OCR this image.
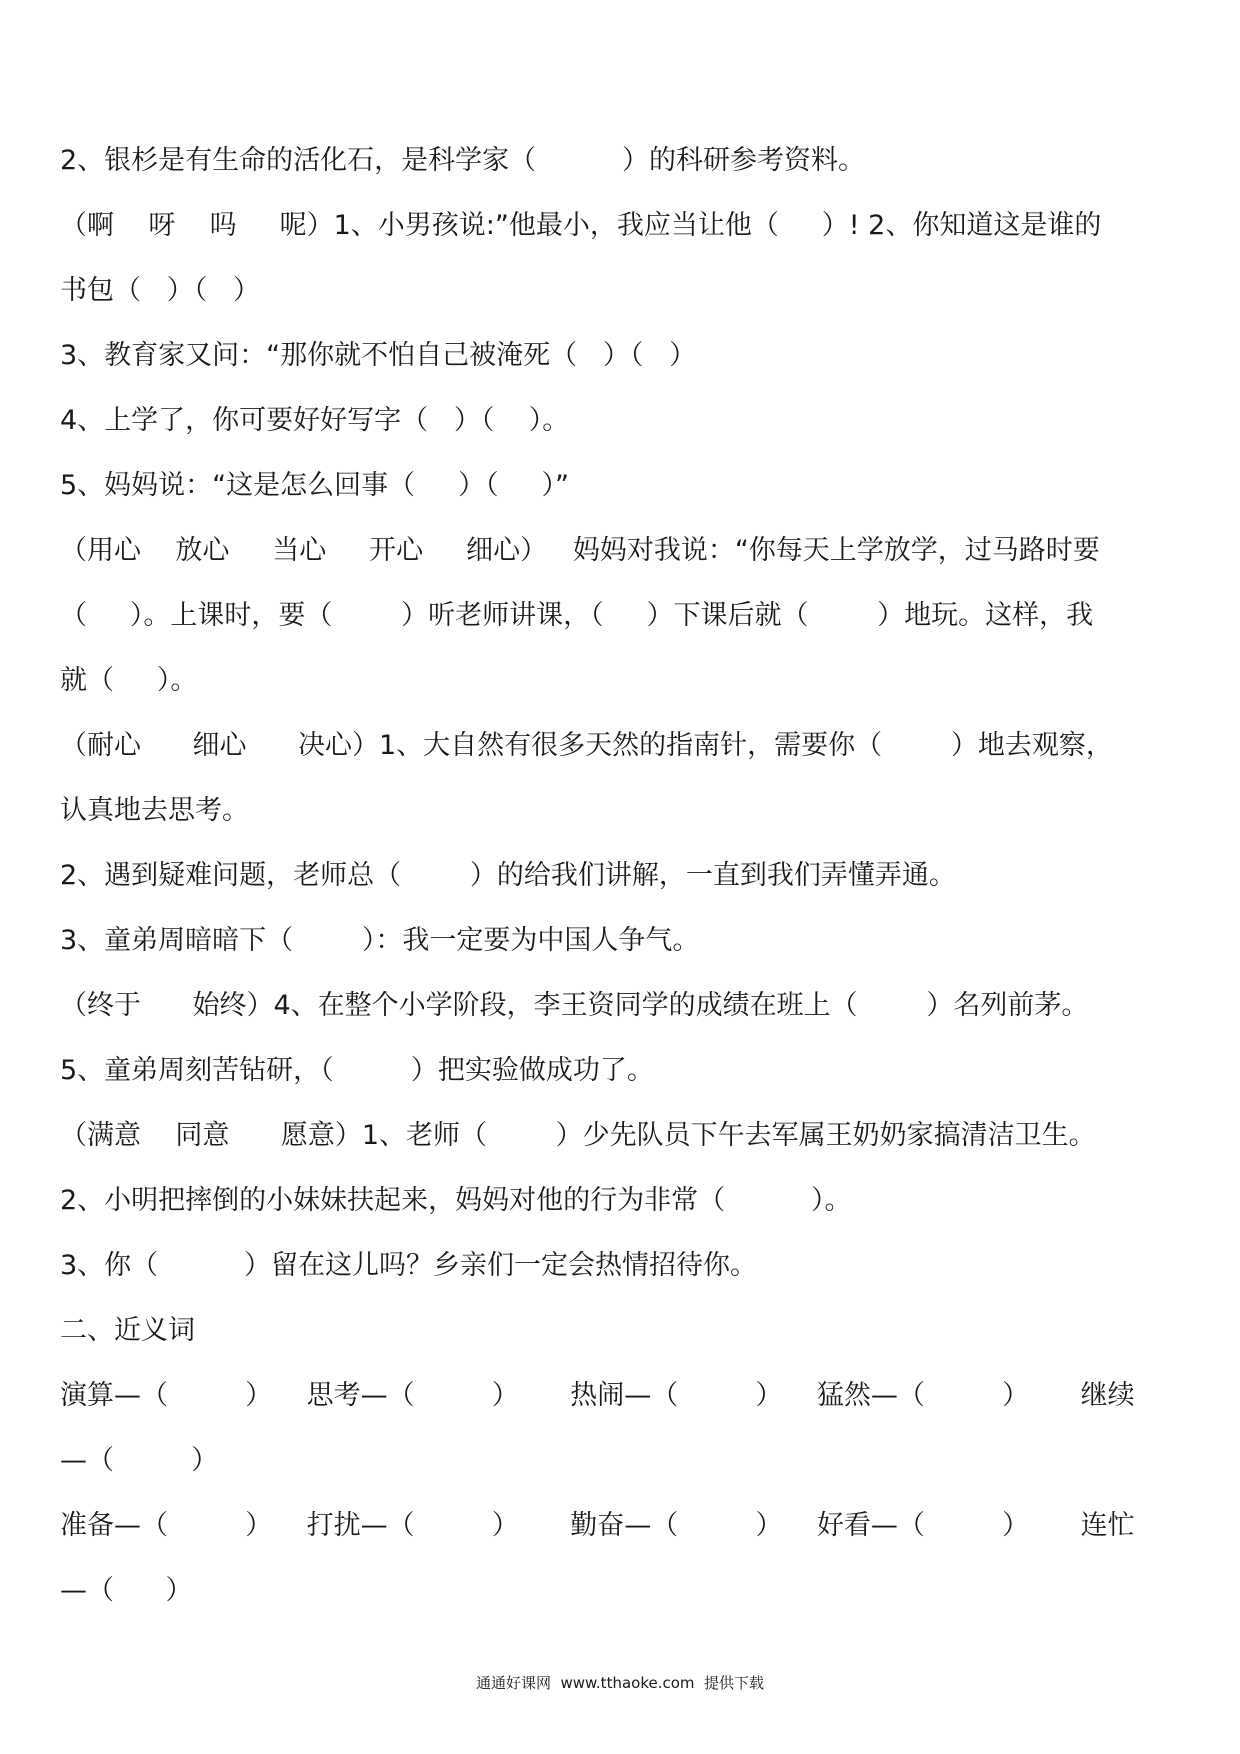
2、银杉是有生命的活化石，是科学家（          ）的科研参考资料。

（啊    呀    吗     呢）1、小男孩说:”他最小，我应当让他（     ）! 2、你知道这是谁的

书包（   ）（   ）

3、教育家又问：“那你就不怕自己被淹死（   ）（   ）

4、上学了，你可要好好写字（   ）（    ）。

5、妈妈说：“这是怎么回事（     ）（     ）”

（用心    放心     当心     开心     细心）   妈妈对我说：“你每天上学放学，过马路时要

（     ）。上课时，要（        ）听老师讲课，（     ）下课后就（        ）地玩。这样，我

就（     ）。

（耐心      细心      决心）1、大自然有很多天然的指南针，需要你（        ）地去观察，

认真地去思考。

2、遇到疑难问题，老师总（        ）的给我们讲解，一直到我们弄懂弄通。

3、童弟周暗暗下（        ）：我一定要为中国人争气。

（终于      始终）4、在整个小学阶段，李王资同学的成绩在班上（        ）名列前茅。

5、童弟周刻苦钻研，（         ）把实验做成功了。

（满意    同意      愿意）1、老师（        ）少先队员下午去军属王奶奶家搞清洁卫生。

2、小明把摔倒的小妹妹扶起来，妈妈对他的行为非常（          ）。

3、你（          ）留在这儿吗？乡亲们一定会热情招待你。

二、近义词

演算—（         ）    思考—（         ）      热闹—（         ）    猛然—（         ）      继续

—（         ）

准备—（         ）    打扰—（         ）      勤奋—（         ）    好看—（         ）      连忙

—（      ）

通通好课网  www.tthaoke.com  提供下载
